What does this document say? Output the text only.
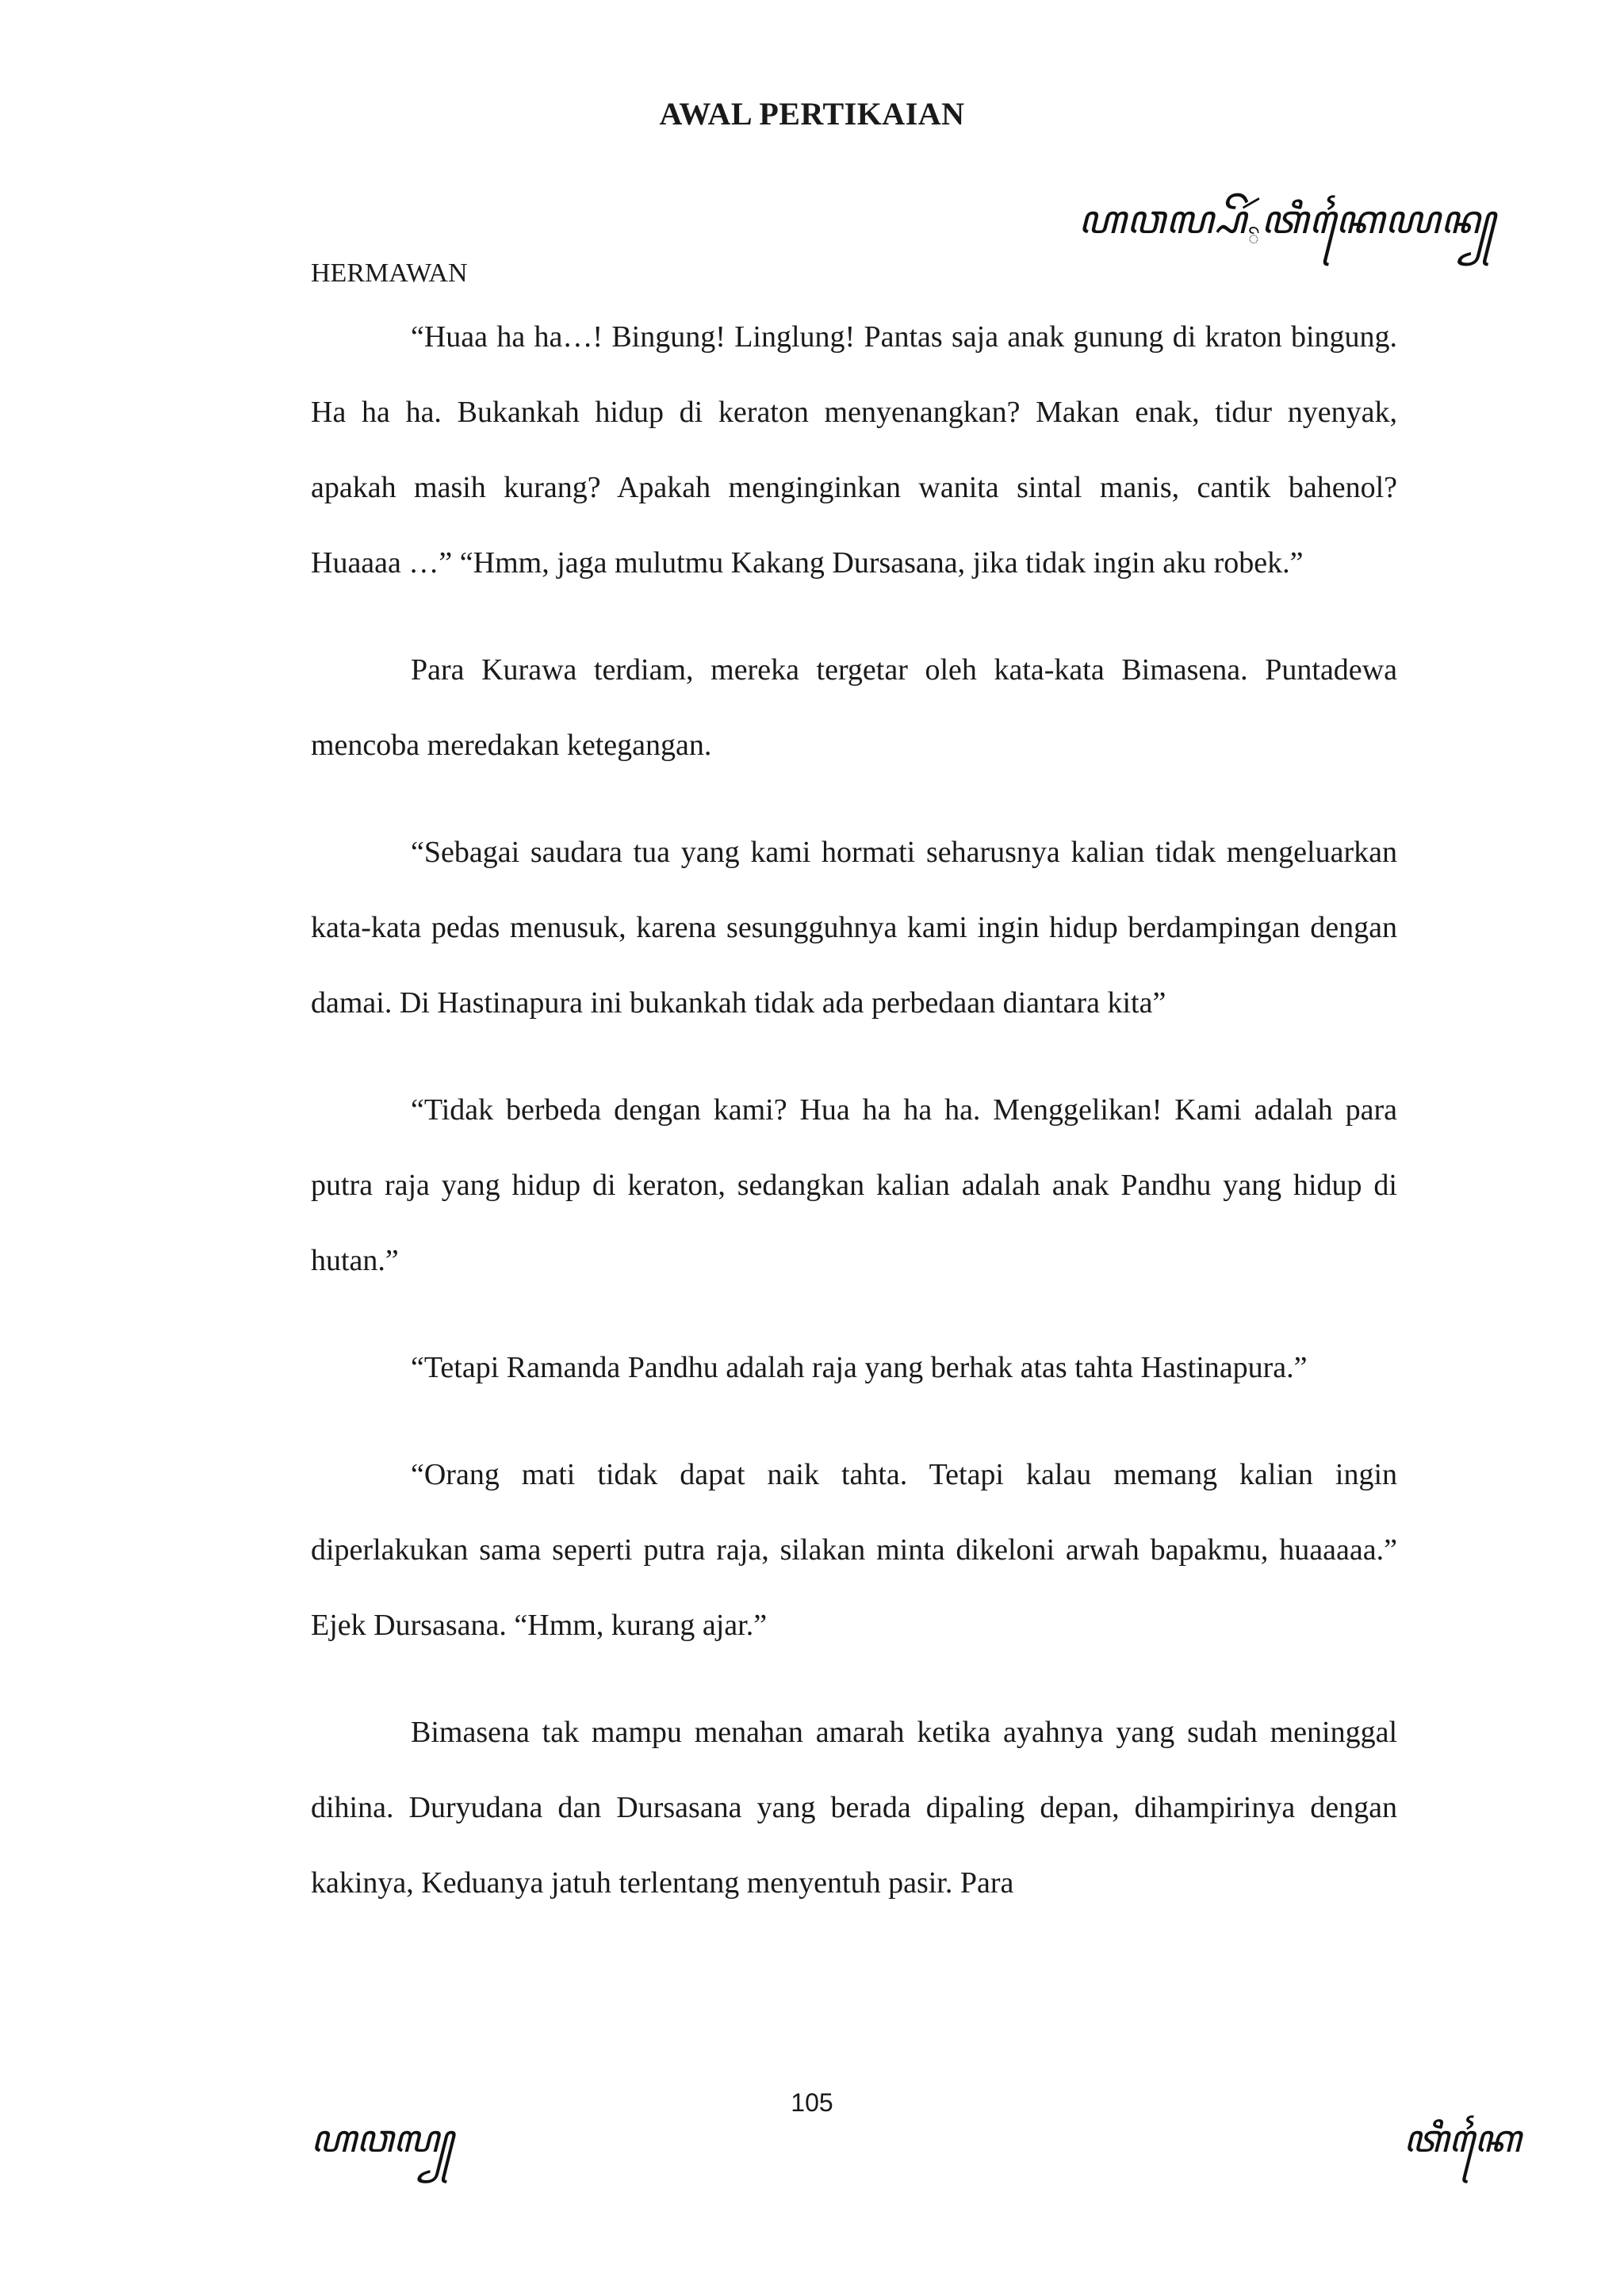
AWAL PERTIKAIAN
$ꦲꦮꦭ꧀ꦥꦼꦂ_ꦼꦠꦶꦏꦻꦪꦤ꧀$

HERMAWAN

“Huaa ha ha…! Bingung! Linglung! Pantas saja anak gunung di kraton bingung. Ha ha ha. Bukankah hidup di keraton menyenangkan? Makan enak, tidur nyenyak, apakah masih kurang? Apakah menginginkan wanita sintal manis, cantik bahenol? Huaaaa …” “Hmm, jaga mulutmu Kakang Dursasana, jika tidak ingin aku robek.”

Para Kurawa terdiam, mereka tergetar oleh kata-kata Bimasena. Puntadewa mencoba meredakan ketegangan.

“Sebagai saudara tua yang kami hormati seharusnya kalian tidak mengeluarkan kata-kata pedas menusuk, karena sesungguhnya kami ingin hidup berdampingan dengan damai. Di Hastinapura ini bukankah tidak ada perbedaan diantara kita”

“Tidak berbeda dengan kami? Hua ha ha ha. Menggelikan! Kami adalah para putra raja yang hidup di keraton, sedangkan kalian adalah anak Pandhu yang hidup di hutan.”

“Tetapi Ramanda Pandhu adalah raja yang berhak atas tahta Hastinapura.”

“Orang mati tidak dapat naik tahta. Tetapi kalau memang kalian ingin diperlakukan sama seperti putra raja, silakan minta dikeloni arwah bapakmu, huaaaaa.” Ejek Dursasana. “Hmm, kurang ajar.”

Bimasena tak mampu menahan amarah ketika ayahnya yang sudah meninggal dihina. Duryudana dan Dursasana yang berada dipaling depan, dihampirinya dengan kakinya, Keduanya jatuh terlentang menyentuh pasir. Para

105

ꦲꦮꦭ꧀	ꦠꦶꦏꦻ
